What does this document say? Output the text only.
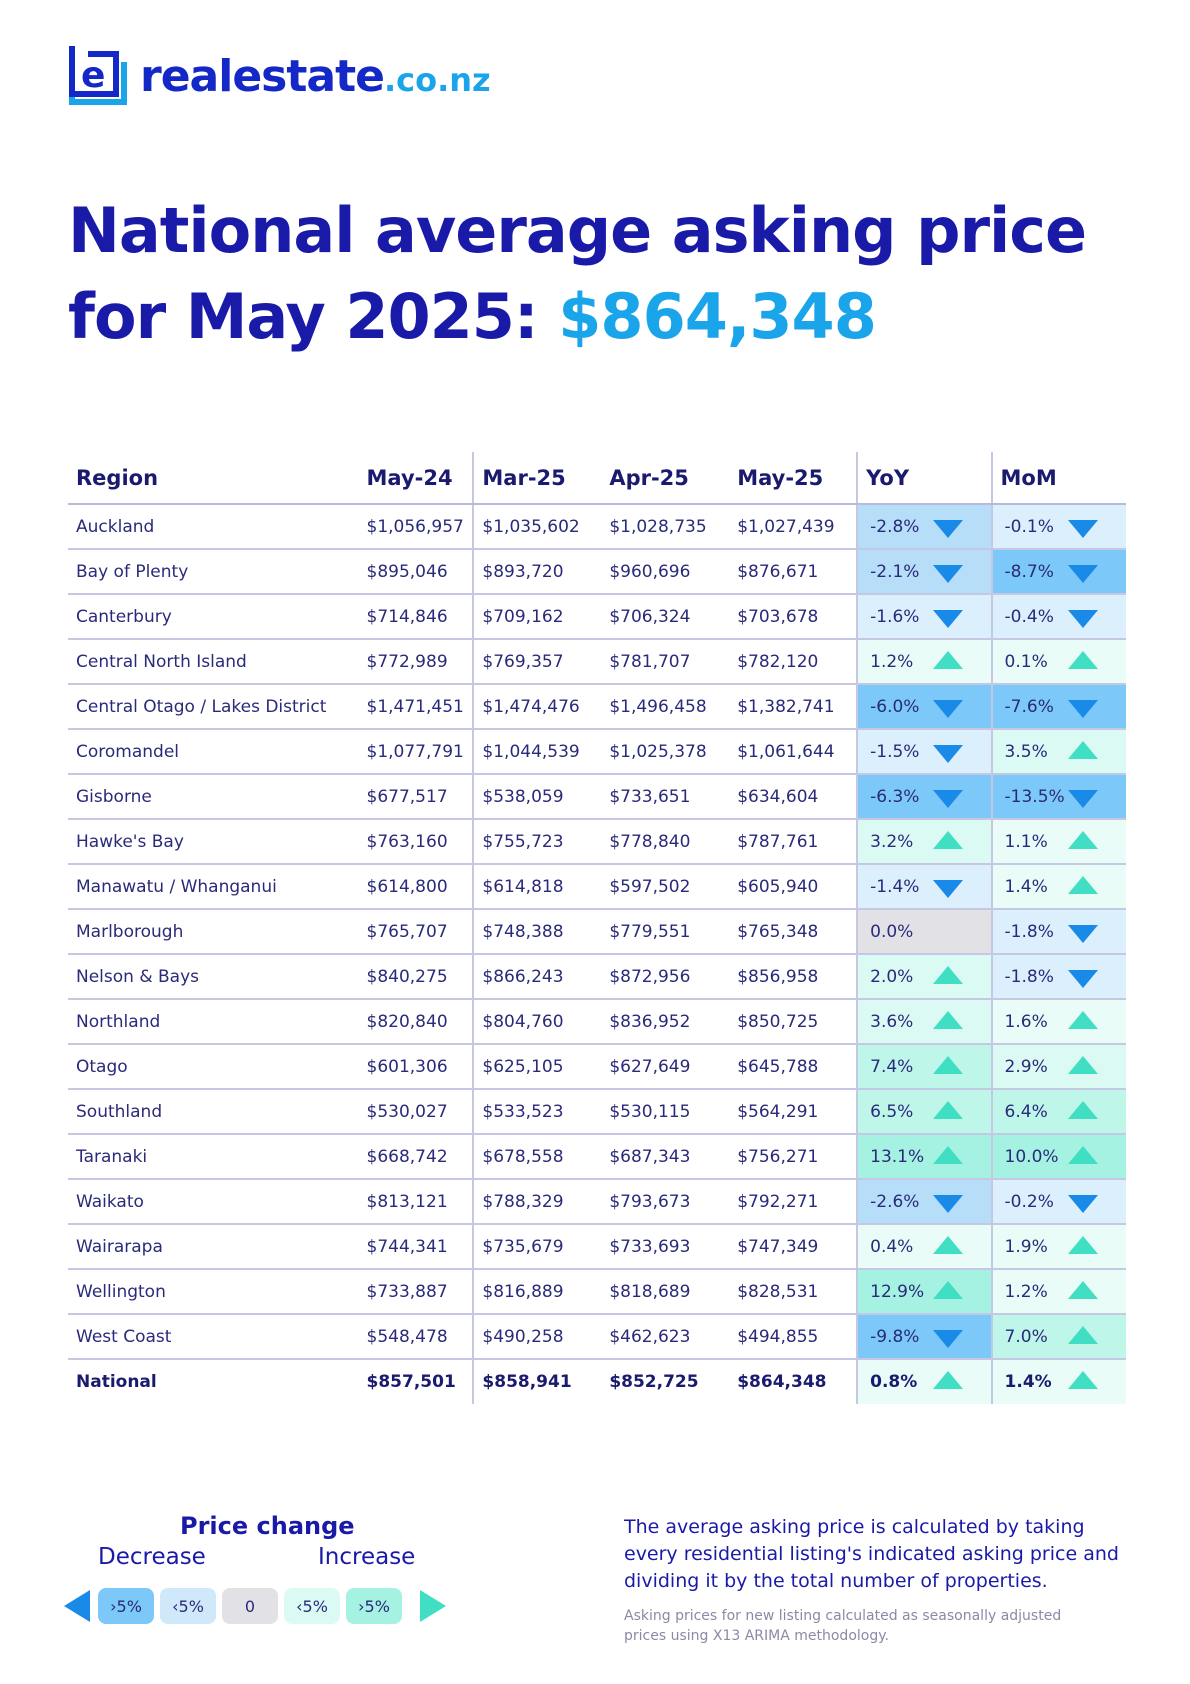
e realestate.co.nz
National average asking price
for May 2025: $864,348
Region	May-24	Mar-25	Apr-25	May-25	YoY	MoM
Auckland	$1,056,957	$1,035,602	$1,028,735	$1,027,439	-2.8%	-0.1%

Bay of Plenty	$895,046	$893,720	$960,696	$876,671	-2.1%	-8.7%

Canterbury	$714,846	$709,162	$706,324	$703,678	-1.6%	-0.4%

Central North Island	$772,989	$769,357	$781,707	$782,120	1.2%	0.1%

Central Otago / Lakes District	$1,471,451	$1,474,476	$1,496,458	$1,382,741	-6.0%	-7.6%

Coromandel	$1,077,791	$1,044,539	$1,025,378	$1,061,644	-1.5%	3.5%

Gisborne	$677,517	$538,059	$733,651	$634,604	-6.3%	-13.5%

Hawke's Bay	$763,160	$755,723	$778,840	$787,761	3.2%	1.1%

Manawatu / Whanganui	$614,800	$614,818	$597,502	$605,940	-1.4%	1.4%

Marlborough	$765,707	$748,388	$779,551	$765,348	0.0%	-1.8%

Nelson & Bays	$840,275	$866,243	$872,956	$856,958	2.0%	-1.8%

Northland	$820,840	$804,760	$836,952	$850,725	3.6%	1.6%

Otago	$601,306	$625,105	$627,649	$645,788	7.4%	2.9%

Southland	$530,027	$533,523	$530,115	$564,291	6.5%	6.4%

Taranaki	$668,742	$678,558	$687,343	$756,271	13.1%	10.0%

Waikato	$813,121	$788,329	$793,673	$792,271	-2.6%	-0.2%

Wairarapa	$744,341	$735,679	$733,693	$747,349	0.4%	1.9%

Wellington	$733,887	$816,889	$818,689	$828,531	12.9%	1.2%

West Coast	$548,478	$490,258	$462,623	$494,855	-9.8%	7.0%

National	$857,501	$858,941	$852,725	$864,348	0.8%	1.4%
Price change
Decrease	Increase
›5%	‹5%	0	‹5%	›5%
The average asking price is calculated by taking every residential listing's indicated asking price and dividing it by the total number of properties.
Asking prices for new listing calculated as seasonally adjusted prices using X13 ARIMA methodology.
